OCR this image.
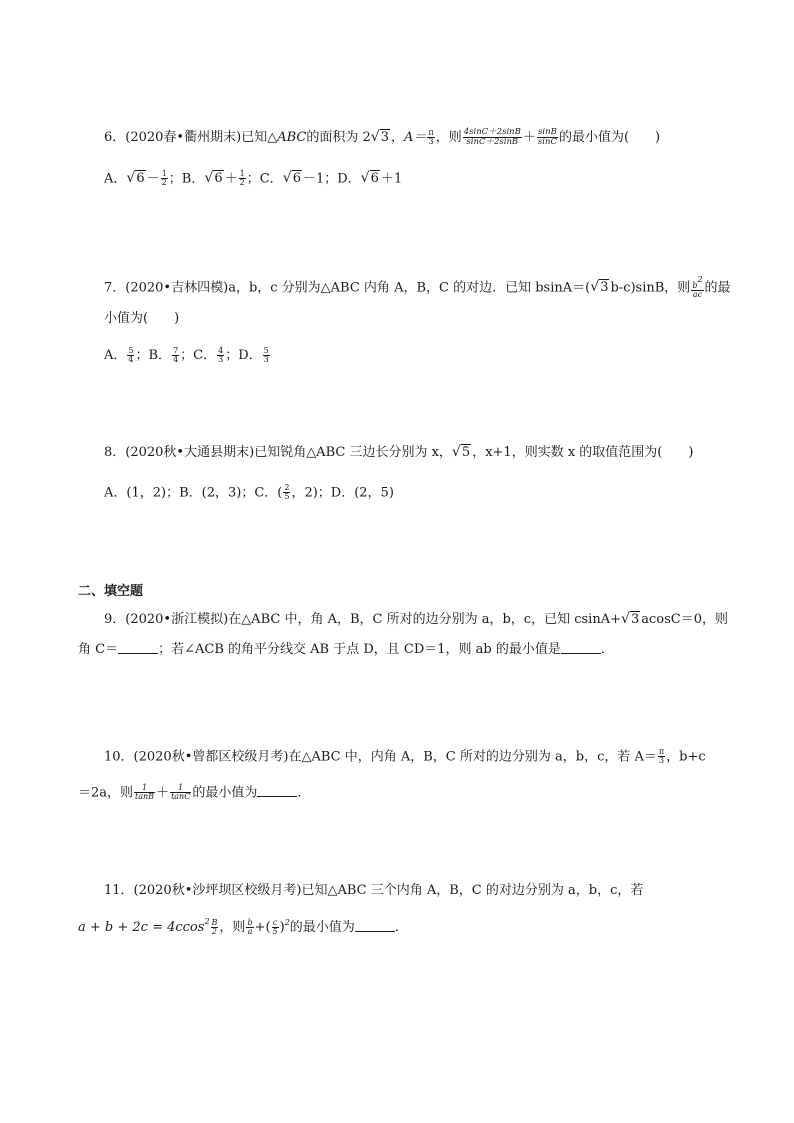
6．(2020春•衢州期末)已知△ABC的面积为 2 √ 3 ，$A= \frac{\pi}{3}$ ，则 $\frac{4\sin C+2\sin B}{\sin C+2\sin B} + \frac{\sin B}{\sin C}$ 的最小值为(　　)
A． √ $6 - \frac{1}{2}$ ；B． √ $6 + \frac{1}{2}$ ；C． √ 6 －1；D． √ 6 ＋1
7．(2020•吉林四模)a，b，c 分别为△ABC 内角 A，B，C 的对边．已知 bsinA＝( √ 3 b-c)sinB，则 $\frac{b2}{ac}$ 的最
小值为(　　)
A． $\frac{5}{4}$ ；B． $\frac{7}{4}$ ；C． $\frac{4}{3}$ ；D． $\frac{5}{3}$
8．(2020秋•大通县期末)已知锐角△ABC 三边长分别为 x， √ 5 ，x+1，则实数 x 的取值范围为(　　)
A．(1，2)；B．(2，3)；C．( $\frac{2}{5}$ ，2)；D．(2，5)
二、填空题
9．(2020•浙江模拟)在△ABC 中，角 A，B，C 所对的边分别为 a，b，c，已知 csinA+ √ 3 acosC＝0，则
角 C＝	；若∠ACB 的角平分线交 AB 于点 D，且 CD＝1，则 ab 的最小值是	．
10．(2020秋•曾都区校级月考)在△ABC 中，内角 A，B，C 所对的边分别为 a，b，c，若 $A= \frac{\pi}{3}$ ，b+c
＝2a，则 $\frac{1}{\tan B} + \frac{1}{\tan C}$ 的最小值为	．
11．(2020秋•沙坪坝区校级月考)已知△ABC 三个内角 A，B，C 的对边分别为 a，b，c，若
$a + b + 2c = 4ccos^2 \frac{B}{2}$ ，则 $\frac{b}{a}$ +( $\frac{c}{5} )^2$的最小值为	．
